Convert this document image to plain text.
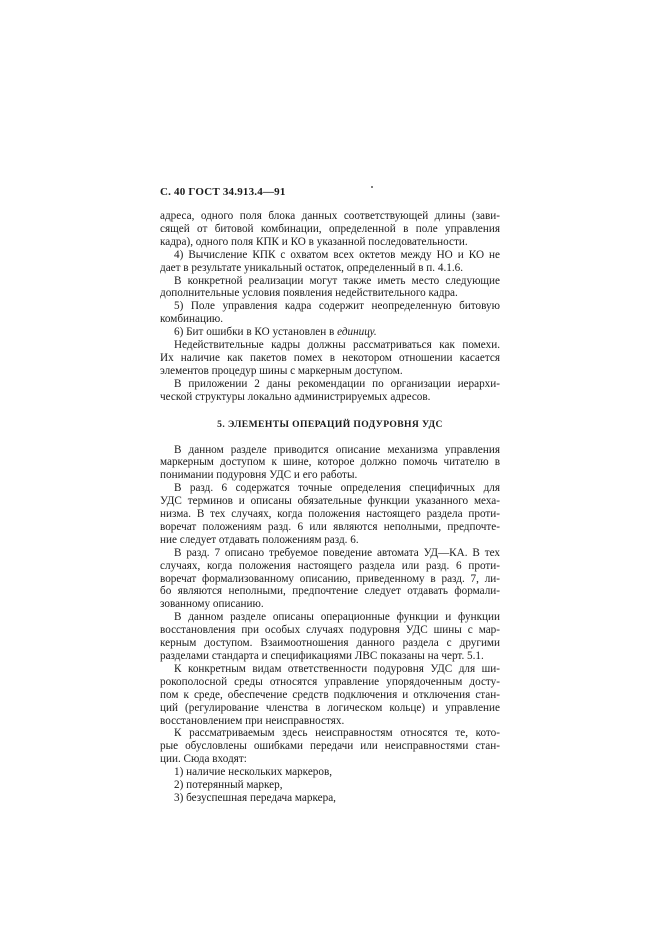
С. 40 ГОСТ 34.913.4—91
адреса, одного поля блока данных соответствующей длины (зави-
сящей от битовой комбинации, определенной в поле управления
кадра), одного поля КПК и КО в указанной последовательности.
4) Вычисление КПК с охватом всех октетов между НО и КО не
дает в результате уникальный остаток, определенный в п. 4.1.6.
В конкретной реализации могут также иметь место следующие
дополнительные условия появления недействительного кадра.
5) Поле управления кадра содержит неопределенную битовую
комбинацию.
6) Бит ошибки в КО установлен в единицу.
Недействительные кадры должны рассматриваться как помехи.
Их наличие как пакетов помех в некотором отношении касается
элементов процедур шины с маркерным доступом.
В приложении 2 даны рекомендации по организации иерархи-
ческой структуры локально администрируемых адресов.
5. ЭЛЕМЕНТЫ ОПЕРАЦИЙ ПОДУРОВНЯ УДС
В данном разделе приводится описание механизма управления
маркерным доступом к шине, которое должно помочь читателю в
понимании подуровня УДС и его работы.
В разд. 6 содержатся точные определения специфичных для
УДС терминов и описаны обязательные функции указанного меха-
низма. В тех случаях, когда положения настоящего раздела проти-
воречат положениям разд. 6 или являются неполными, предпочте-
ние следует отдавать положениям разд. 6.
В разд. 7 описано требуемое поведение автомата УД—КА. В тех
случаях, когда положения настоящего раздела или разд. 6 проти-
воречат формализованному описанию, приведенному в разд. 7, ли-
бо являются неполными, предпочтение следует отдавать формали-
зованному описанию.
В данном разделе описаны операционные функции и функции
восстановления при особых случаях подуровня УДС шины с мар-
керным доступом. Взаимоотношения данного раздела с другими
разделами стандарта и спецификациями ЛВС показаны на черт. 5.1.
К конкретным видам ответственности подуровня УДС для ши-
рокополосной среды относятся управление упорядоченным досту-
пом к среде, обеспечение средств подключения и отключения стан-
ций (регулирование членства в логическом кольце) и управление
восстановлением при неисправностях.
К рассматриваемым здесь неисправностям относятся те, кото-
рые обусловлены ошибками передачи или неисправностями стан-
ции. Сюда входят:
1) наличие нескольких маркеров,
2) потерянный маркер,
3) безуспешная передача маркера,
